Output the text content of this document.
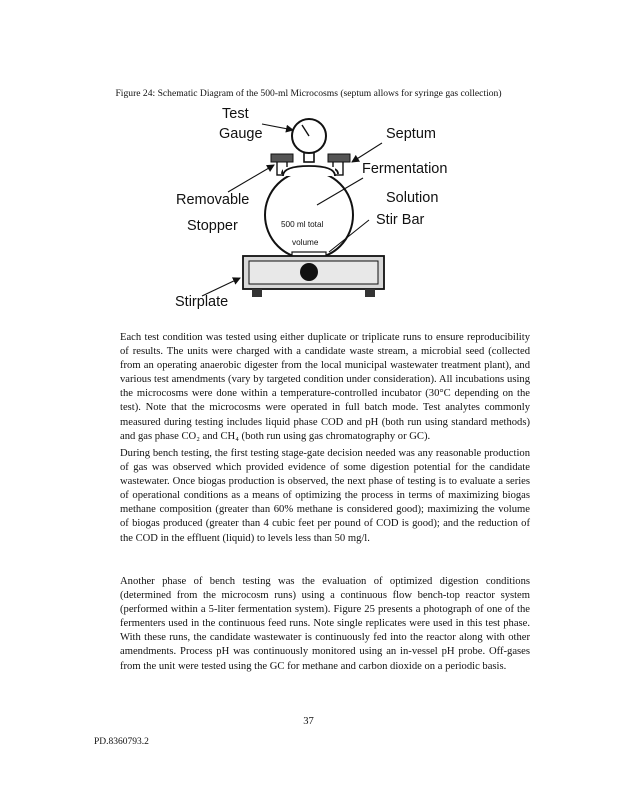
Figure 24: Schematic Diagram of the 500-ml Microcosms (septum allows for syringe gas collection)
Test
Gauge	Septum
Fermentation
Solution
Stir Bar
Removable
Stopper
Stirplate
500 ml total
volume

Each test condition was tested using either duplicate or triplicate runs to ensure reproducibility of results. The units were charged with a candidate waste stream, a microbial seed (collected from an operating anaerobic digester from the local municipal wastewater treatment plant), and various test amendments (vary by targeted condition under consideration). All incubations using the microcosms were done within a temperature-controlled incubator (30°C depending on the test). Note that the microcosms were operated in full batch mode. Test analytes commonly measured during testing includes liquid phase COD and pH (both run using standard methods) and gas phase CO₂ and CH₄ (both run using gas chromatography or GC).

During bench testing, the first testing stage-gate decision needed was any reasonable production of gas was observed which provided evidence of some digestion potential for the candidate wastewater. Once biogas production is observed, the next phase of testing is to evaluate a series of operational conditions as a means of optimizing the process in terms of maximizing biogas methane composition (greater than 60% methane is considered good); maximizing the volume of biogas produced (greater than 4 cubic feet per pound of COD is good); and the reduction of the COD in the effluent (liquid) to levels less than 50 mg/l.

Another phase of bench testing was the evaluation of optimized digestion conditions (determined from the microcosm runs) using a continuous flow bench-top reactor system (performed within a 5-liter fermentation system). Figure 25 presents a photograph of one of the fermenters used in the continuous feed runs. Note single replicates were used in this test phase. With these runs, the candidate wastewater is continuously fed into the reactor along with other amendments. Process pH was continuously monitored using an in-vessel pH probe. Off-gases from the unit were tested using the GC for methane and carbon dioxide on a periodic basis.

37
PD.8360793.2
